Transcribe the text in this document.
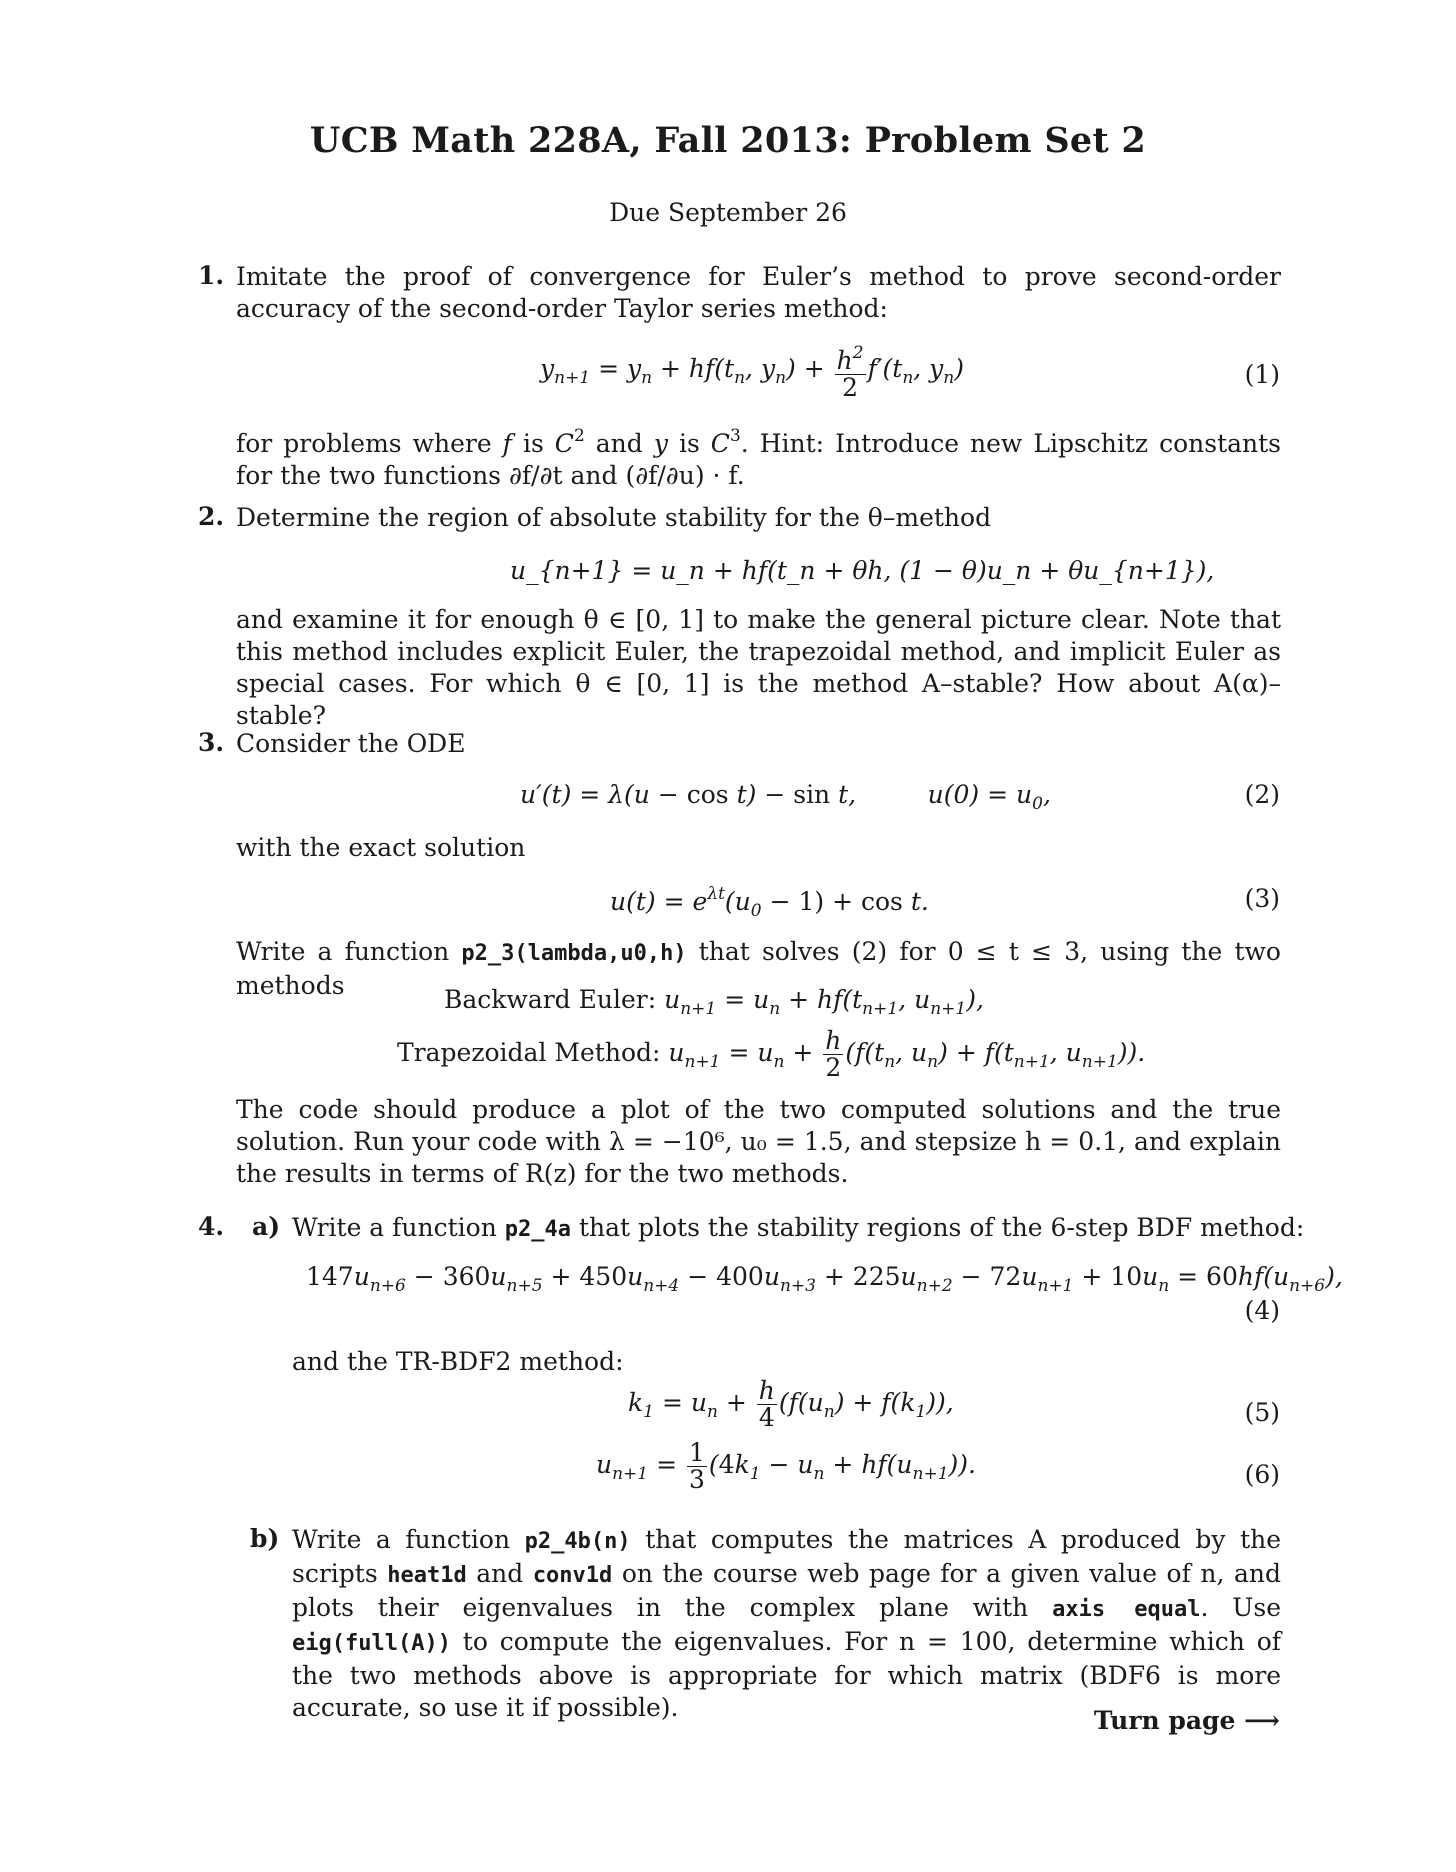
UCB Math 228A, Fall 2013: Problem Set 2
Due September 26
1. Imitate the proof of convergence for Euler’s method to prove second-order accuracy of the second-order Taylor series method:
$y_{n+1} = y_n + hf(t_n$, $y_n) + \frac{h^2}{2} f'(t_n$, $y_n$)	(1)
for problems where f is $C^2$ and y is $C^3$. Hint: Introduce new Lipschitz constants for the two functions ∂f/∂t and (∂f/∂u) · f.
2. Determine the region of absolute stability for the θ–method
u_{n+1} = u_n + hf(t_n + θh, (1 − θ)u_n + θu_{n+1}),
and examine it for enough θ ∈ [0, 1] to make the general picture clear. Note that this method includes explicit Euler, the trapezoidal method, and implicit Euler as special cases. For which θ ∈ [0, 1] is the method A–stable? How about A(α)–stable?
3. Consider the ODE
u′(t) = λ(u − cos t) − sin t,         $u(0) = u_0$,	(2)
with the exact solution
$u(t) = e^{\lambda t}(u_0 - 1) + \cos t$.	(3)
Write a function p2_3(lambda,u0,h) that solves (2) for 0 ≤ t ≤ 3, using the two methods	Backward Euler: $u_{n+1} = u_n + hf(t_{n+1}$, $u_{n+1}$),
Trapezoidal Method: $u_{n+1} = u_n + \frac{h}{2} (f(t_n$, $u_n) + f(t_{n+1}$, $u_{n+1}$)).
The code should produce a plot of the two computed solutions and the true solution. Run your code with λ = −10⁶, u₀ = 1.5, and stepsize h = 0.1, and explain the results in terms of R(z) for the two methods.
4. a) Write a function p2_4a that plots the stability regions of the 6-step BDF method:
$147u_{n+6} - 360u_{n+5} + 450u_{n+4} - 400u_{n+3} + 225u_{n+2} - 72u_{n+1} + 10u_n = 60hf(u_{n+6})$,
(4)
and the TR-BDF2 method:
$k_1 = u_n + \frac{h}{4} (f(u_n) + f(k_1))$,	(5)
$u_{n+1} = \frac{1}{3} (4k_1 - u_n + hf(u_{n+1}))$.	(6)
b) Write a function p2_4b(n) that computes the matrices A produced by the scripts heat1d and conv1d on the course web page for a given value of n, and plots their eigenvalues in the complex plane with axis equal. Use eig(full(A)) to compute the eigenvalues. For n = 100, determine which of the two methods above is appropriate for which matrix (BDF6 is more accurate, so use it if possible).	Turn page ⟶
